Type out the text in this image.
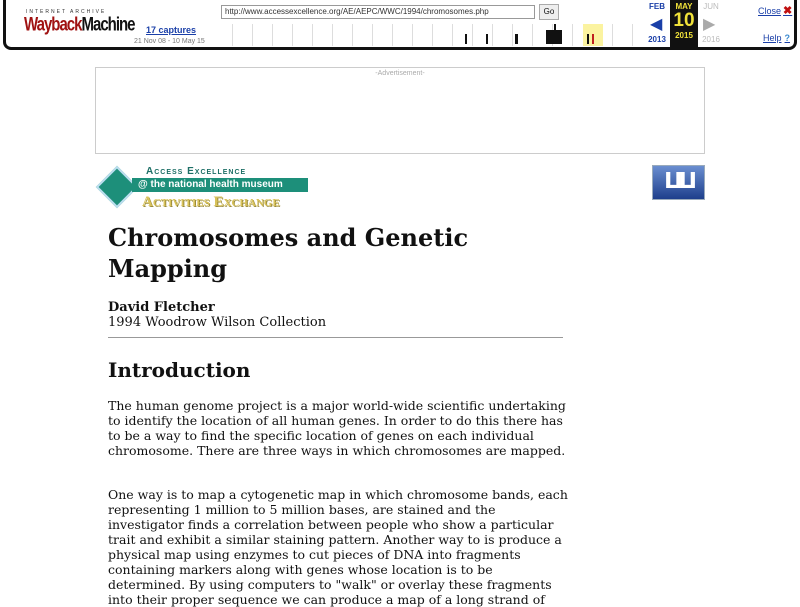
INTERNET ARCHIVE
WaybackMachine 17 captures
21 Nov 08 - 10 May 15
http://www.accessexcellence.org/AE/AEPC/WWC/1994/chromosomes.php	Go
FEB
◀
2013
MAY
10
2015
JUN
▶
2016
Close ✖
Help ?
-Advertisement-
Access Excellence
@ the national health museum
Activities Exchange
ⵡⵡ
Chromosomes and Genetic Mapping
David Fletcher
1994 Woodrow Wilson Collection
Introduction

The human genome project is a major world-wide scientific undertaking to identify the location of all human genes. In order to do this there has to be a way to find the specific location of genes on each individual chromosome. There are three ways in which chromosomes are mapped.

One way is to map a cytogenetic map in which chromosome bands, each representing 1 million to 5 million bases, are stained and the investigator finds a correlation between people who show a particular trait and exhibit a similar staining pattern. Another way to is produce a physical map using enzymes to cut pieces of DNA into fragments containing markers along with genes whose location is to be determined. By using computers to "walk" or overlay these fragments into their proper sequence we can produce a map of a long strand of
